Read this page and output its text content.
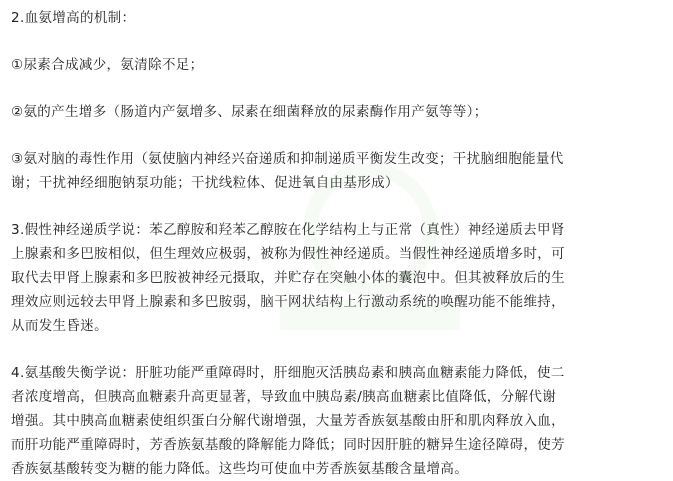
2.血氨增高的机制：
①尿素合成减少，氨清除不足；
②氨的产生增多（肠道内产氨增多、尿素在细菌释放的尿素酶作用产氨等等）；
③氨对脑的毒性作用（氨使脑内神经兴奋递质和抑制递质平衡发生改变；干扰脑细胞能量代
谢；干扰神经细胞钠泵功能；干扰线粒体、促进氧自由基形成）
3.假性神经递质学说：苯乙醇胺和羟苯乙醇胺在化学结构上与正常（真性）神经递质去甲肾
上腺素和多巴胺相似，但生理效应极弱，被称为假性神经递质。当假性神经递质增多时，可
取代去甲肾上腺素和多巴胺被神经元摄取，并贮存在突触小体的囊泡中。但其被释放后的生
理效应则远较去甲肾上腺素和多巴胺弱，脑干网状结构上行激动系统的唤醒功能不能维持，
从而发生昏迷。
4.氨基酸失衡学说：肝脏功能严重障碍时，肝细胞灭活胰岛素和胰高血糖素能力降低，使二
者浓度增高，但胰高血糖素升高更显著，导致血中胰岛素/胰高血糖素比值降低，分解代谢
增强。其中胰高血糖素使组织蛋白分解代谢增强，大量芳香族氨基酸由肝和肌肉释放入血，
而肝功能严重障碍时，芳香族氨基酸的降解能力降低；同时因肝脏的糖异生途径障碍，使芳
香族氨基酸转变为糖的能力降低。这些均可使血中芳香族氨基酸含量增高。
